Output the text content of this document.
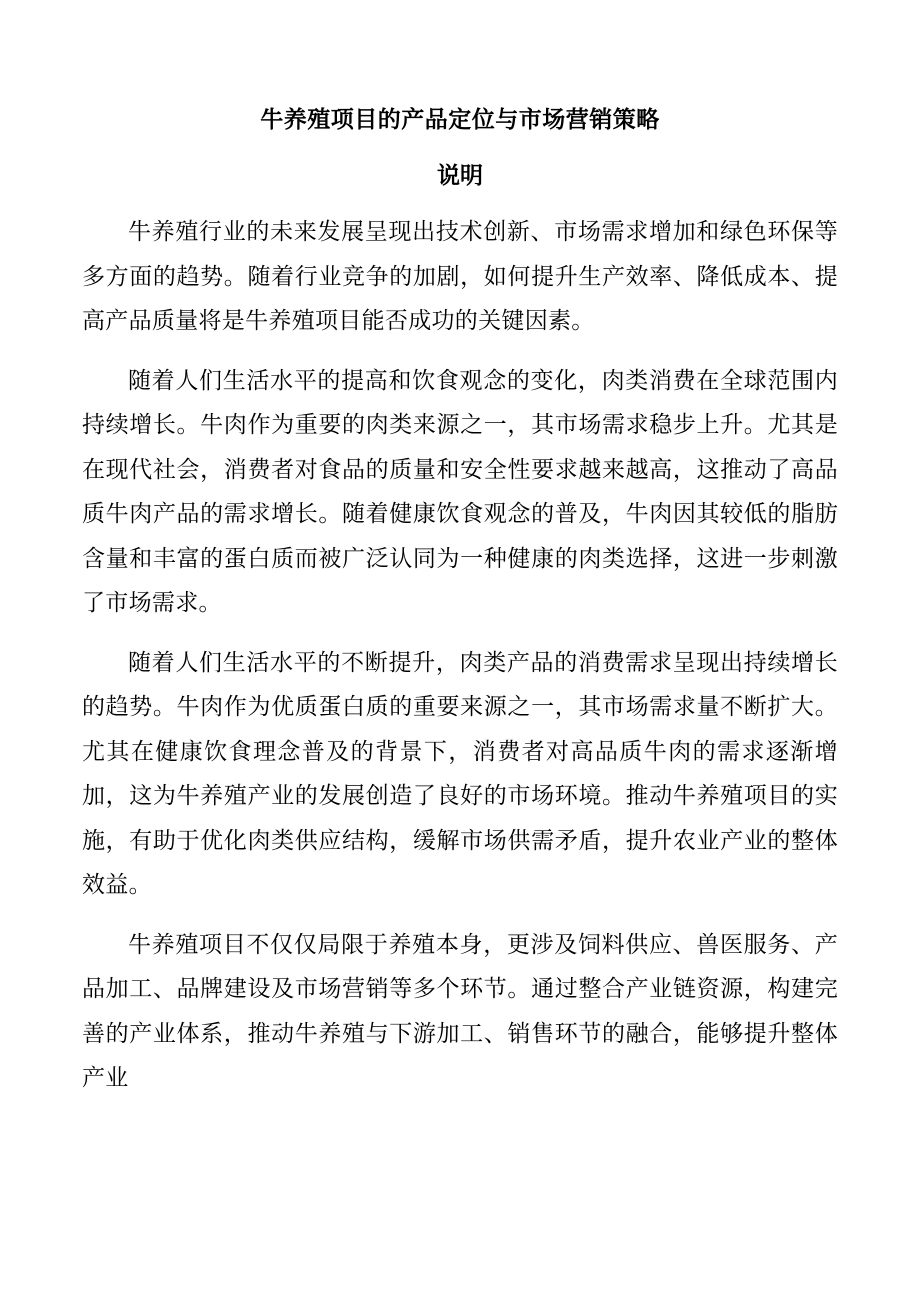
牛养殖项目的产品定位与市场营销策略
说明

牛养殖行业的未来发展呈现出技术创新、市场需求增加和绿色环保等多方面的趋势。随着行业竞争的加剧，如何提升生产效率、降低成本、提高产品质量将是牛养殖项目能否成功的关键因素。

随着人们生活水平的提高和饮食观念的变化，肉类消费在全球范围内持续增长。牛肉作为重要的肉类来源之一，其市场需求稳步上升。尤其是在现代社会，消费者对食品的质量和安全性要求越来越高，这推动了高品质牛肉产品的需求增长。随着健康饮食观念的普及，牛肉因其较低的脂肪含量和丰富的蛋白质而被广泛认同为一种健康的肉类选择，这进一步刺激了市场需求。

随着人们生活水平的不断提升，肉类产品的消费需求呈现出持续增长的趋势。牛肉作为优质蛋白质的重要来源之一，其市场需求量不断扩大。尤其在健康饮食理念普及的背景下，消费者对高品质牛肉的需求逐渐增加，这为牛养殖产业的发展创造了良好的市场环境。推动牛养殖项目的实施，有助于优化肉类供应结构，缓解市场供需矛盾，提升农业产业的整体效益。

牛养殖项目不仅仅局限于养殖本身，更涉及饲料供应、兽医服务、产品加工、品牌建设及市场营销等多个环节。通过整合产业链资源，构建完善的产业体系，推动牛养殖与下游加工、销售环节的融合，能够提升整体产业
